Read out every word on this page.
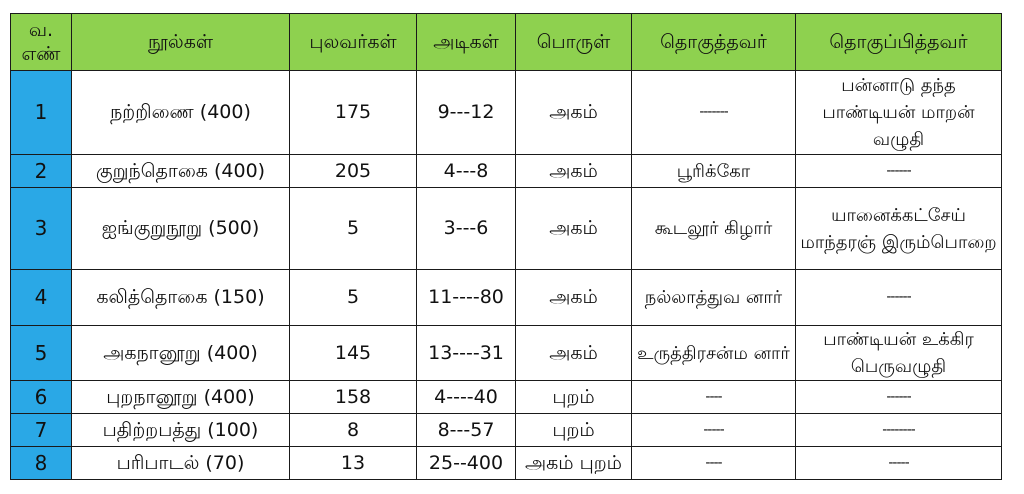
வ. எண்	நூல்கள்	புலவர்கள்	அடிகள்	பொருள்	தொகுத்தவர்	தொகுப்பித்தவர்
1	நற்றிணை (400)	175	9---12	அகம்	-------	பன்னாடு தந்த பாண்டியன் மாறன் வழுதி
2	குறுந்தொகை (400)	205	4---8	அகம்	பூரிக்கோ	------
3	ஐங்குறுநூறு (500)	5	3---6	அகம்	கூடலூர் கிழார்	யானைக்கட்சேய் மாந்தரஞ் இரும்பொறை
4	கலித்தொகை (150)	5	11----80	அகம்	நல்லாத்துவ னார்	------
5	அகநானூறு (400)	145	13----31	அகம்	உருத்திரசன்ம னார்	பாண்டியன் உக்கிர பெருவழுதி
6	புறநானூறு (400)	158	4----40	புறம்	----	------
7	பதிற்றபத்து (100)	8	8---57	புறம்	-----	--------
8	பரிபாடல் (70)	13	25--400	அகம் புறம்	----	-----
